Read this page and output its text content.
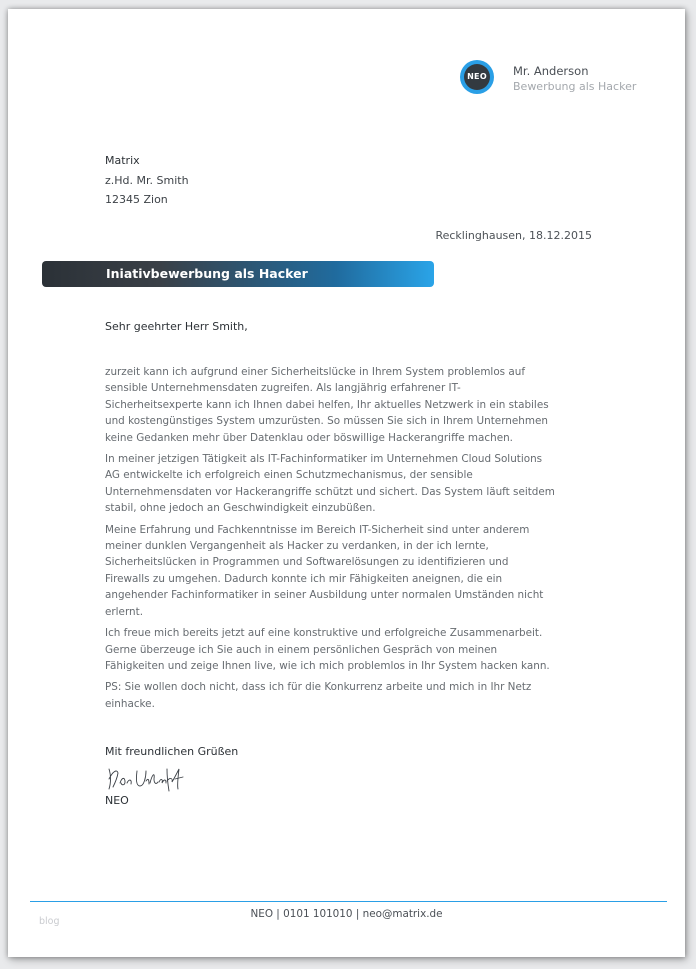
NEO Mr. Anderson
Bewerbung als Hacker
Matrix
z.Hd. Mr. Smith
12345 Zion
Recklinghausen, 18.12.2015
Iniativbewerbung als Hacker
Sehr geehrter Herr Smith,

zurzeit kann ich aufgrund einer Sicherheitslücke in Ihrem System problemlos auf
sensible Unternehmensdaten zugreifen. Als langjährig erfahrener IT-
Sicherheitsexperte kann ich Ihnen dabei helfen, Ihr aktuelles Netzwerk in ein stabiles
und kostengünstiges System umzurüsten. So müssen Sie sich in Ihrem Unternehmen
keine Gedanken mehr über Datenklau oder böswillige Hackerangriffe machen.

In meiner jetzigen Tätigkeit als IT-Fachinformatiker im Unternehmen Cloud Solutions
AG entwickelte ich erfolgreich einen Schutzmechanismus, der sensible
Unternehmensdaten vor Hackerangriffe schützt und sichert. Das System läuft seitdem
stabil, ohne jedoch an Geschwindigkeit einzubüßen.

Meine Erfahrung und Fachkenntnisse im Bereich IT-Sicherheit sind unter anderem
meiner dunklen Vergangenheit als Hacker zu verdanken, in der ich lernte,
Sicherheitslücken in Programmen und Softwarelösungen zu identifizieren und
Firewalls zu umgehen. Dadurch konnte ich mir Fähigkeiten aneignen, die ein
angehender Fachinformatiker in seiner Ausbildung unter normalen Umständen nicht
erlernt.

Ich freue mich bereits jetzt auf eine konstruktive und erfolgreiche Zusammenarbeit.
Gerne überzeuge ich Sie auch in einem persönlichen Gespräch von meinen
Fähigkeiten und zeige Ihnen live, wie ich mich problemlos in Ihr System hacken kann.

PS: Sie wollen doch nicht, dass ich für die Konkurrenz arbeite und mich in Ihr Netz
einhacke.

Mit freundlichen Grüßen
NEO
NEO | 0101 101010 | neo@matrix.de
blog
